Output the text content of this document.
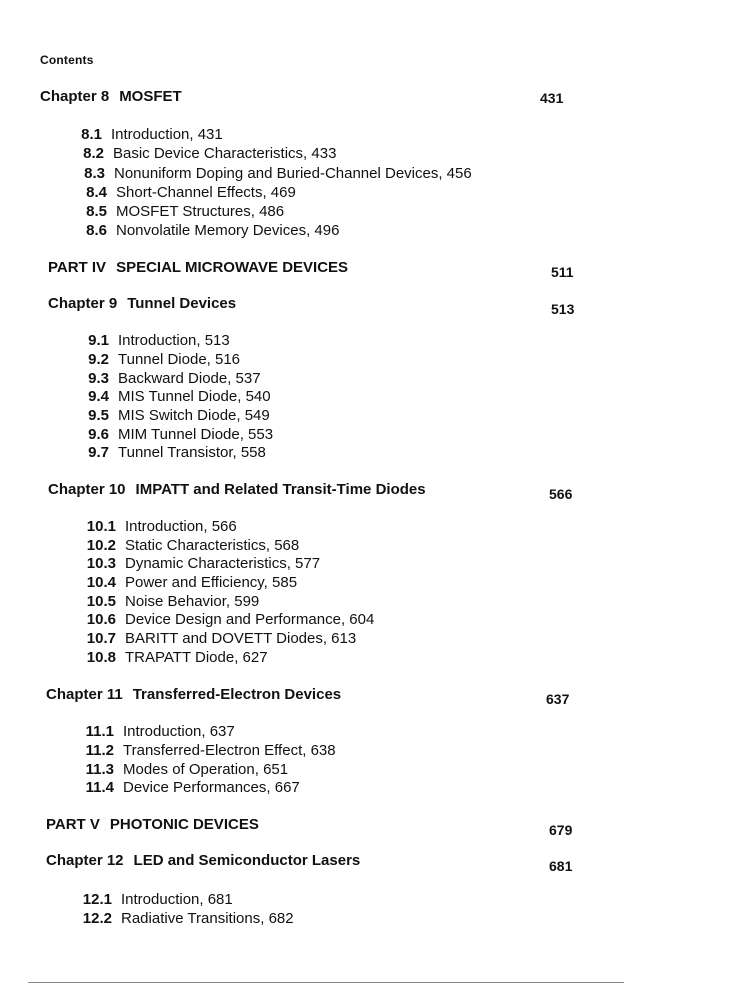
Contents
Chapter 8 MOSFET	431
8.1 Introduction, 431
8.2 Basic Device Characteristics, 433
8.3 Nonuniform Doping and Buried-Channel Devices, 456
8.4 Short-Channel Effects, 469
8.5 MOSFET Structures, 486
8.6 Nonvolatile Memory Devices, 496
PART IV SPECIAL MICROWAVE DEVICES	511
Chapter 9 Tunnel Devices	513
9.1 Introduction, 513
9.2 Tunnel Diode, 516
9.3 Backward Diode, 537
9.4 MIS Tunnel Diode, 540
9.5 MIS Switch Diode, 549
9.6 MIM Tunnel Diode, 553
9.7 Tunnel Transistor, 558
Chapter 10 IMPATT and Related Transit-Time Diodes	566
10.1 Introduction, 566
10.2 Static Characteristics, 568
10.3 Dynamic Characteristics, 577
10.4 Power and Efficiency, 585
10.5 Noise Behavior, 599
10.6 Device Design and Performance, 604
10.7 BARITT and DOVETT Diodes, 613
10.8 TRAPATT Diode, 627
Chapter 11 Transferred-Electron Devices	637
11.1 Introduction, 637
11.2 Transferred-Electron Effect, 638
11.3 Modes of Operation, 651
11.4 Device Performances, 667
PART V PHOTONIC DEVICES	679
Chapter 12 LED and Semiconductor Lasers	681
12.1 Introduction, 681
12.2 Radiative Transitions, 682
